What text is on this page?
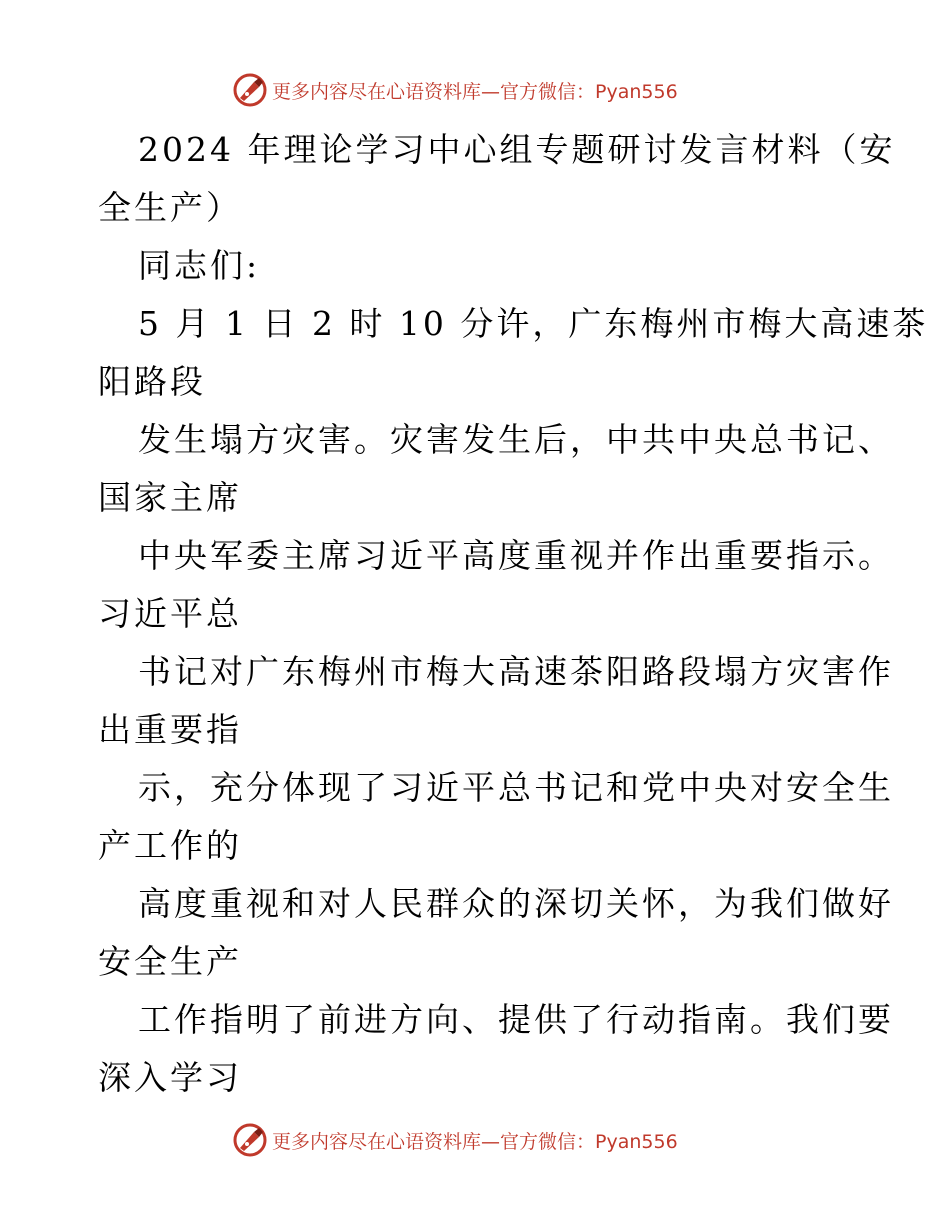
更多内容尽在心语资料库—官方微信：Pyan556
2024 年理论学习中心组专题研讨发言材料（安
全生产）
同志们:
5 月 1 日 2 时 10 分许，广东梅州市梅大高速茶
阳路段
发生塌方灾害。灾害发生后，中共中央总书记、
国家主席
中央军委主席习近平高度重视并作出重要指示。
习近平总
书记对广东梅州市梅大高速茶阳路段塌方灾害作
出重要指
示，充分体现了习近平总书记和党中央对安全生
产工作的
高度重视和对人民群众的深切关怀，为我们做好
安全生产
工作指明了前进方向、提供了行动指南。我们要
深入学习
更多内容尽在心语资料库—官方微信：Pyan556
